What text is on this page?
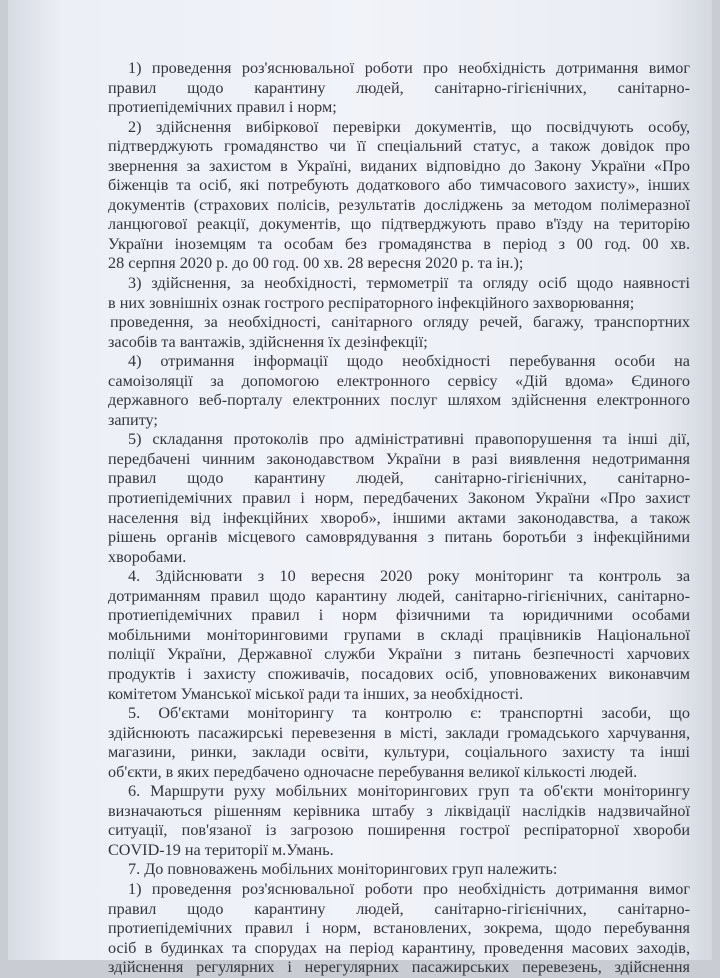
1) проведення роз'яснювальної роботи про необхідність дотримання вимог
правил щодо карантину людей, санітарно-гігієнічних, санітарно-
протиепідемічних правил і норм;
2) здійснення вибіркової перевірки документів, що посвідчують особу,
підтверджують громадянство чи її спеціальний статус, а також довідок про
звернення за захистом в Україні, виданих відповідно до Закону України «Про
біженців та осіб, які потребують додаткового або тимчасового захисту», інших
документів (страхових полісів, результатів досліджень за методом полімеразної
ланцюгової реакції, документів, що підтверджують право в'їзду на територію
України іноземцям та особам без громадянства в період з 00 год. 00 хв.
28 серпня 2020 р. до 00 год. 00 хв. 28 вересня 2020 р. та ін.);
3) здійснення, за необхідності, термометрії та огляду осіб щодо наявності
в них зовнішніх ознак гострого респіраторного інфекційного захворювання;
проведення, за необхідності, санітарного огляду речей, багажу, транспортних
засобів та вантажів, здійснення їх дезінфекції;
4) отримання інформації щодо необхідності перебування особи на
самоізоляції за допомогою електронного сервісу «Дій вдома» Єдиного
державного веб-порталу електронних послуг шляхом здійснення електронного
запиту;
5) складання протоколів про адміністративні правопорушення та інші дії,
передбачені чинним законодавством України в разі виявлення недотримання
правил щодо карантину людей, санітарно-гігієнічних, санітарно-
протиепідемічних правил і норм, передбачених Законом України «Про захист
населення від інфекційних хвороб», іншими актами законодавства, а також
рішень органів місцевого самоврядування з питань боротьби з інфекційними
хворобами.
4. Здійснювати з 10 вересня 2020 року моніторинг та контроль за
дотриманням правил щодо карантину людей, санітарно-гігієнічних, санітарно-
протиепідемічних правил і норм фізичними та юридичними особами
мобільними моніторинговими групами в складі працівників Національної
поліції України, Державної служби України з питань безпечності харчових
продуктів і захисту споживачів, посадових осіб, уповноважених виконавчим
комітетом Уманської міської ради та інших, за необхідності.
5. Об'єктами моніторингу та контролю є: транспортні засоби, що
здійснюють пасажирські перевезення в місті, заклади громадського харчування,
магазини, ринки, заклади освіти, культури, соціального захисту та інші
об'єкти, в яких передбачено одночасне перебування великої кількості людей.
6. Маршрути руху мобільних моніторингових груп та об'єкти моніторингу
визначаються рішенням керівника штабу з ліквідації наслідків надзвичайної
ситуації, пов'язаної із загрозою поширення гострої респіраторної хвороби
COVID-19 на території м.Умань.
7. До повноважень мобільних моніторингових груп належить:
1) проведення роз'яснювальної роботи про необхідність дотримання вимог
правил щодо карантину людей, санітарно-гігієнічних, санітарно-
протиепідемічних правил і норм, встановлених, зокрема, щодо перебування
осіб в будинках та спорудах на період карантину, проведення масових заходів,
здійснення регулярних і нерегулярних пасажирських перевезень, здійснення
